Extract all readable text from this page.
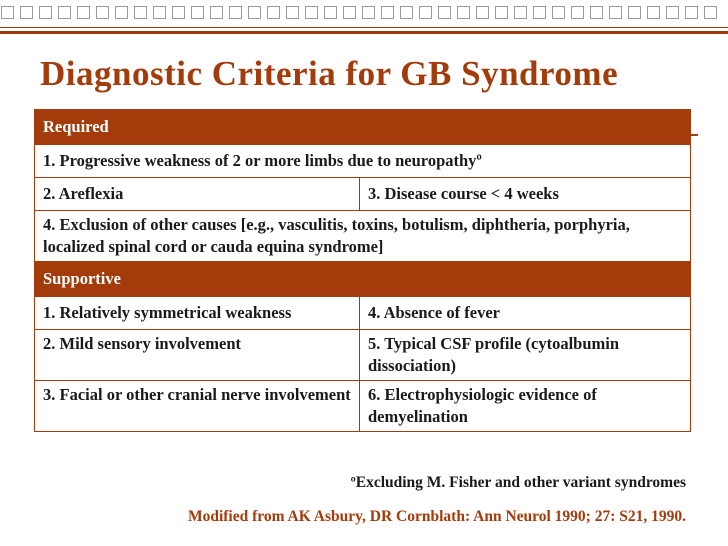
Diagnostic Criteria for GB Syndrome
Required	
1. Progressive weakness of 2 or more limbs due to neuropathyº	
2. Areflexia	3. Disease course < 4 weeks
4. Exclusion of other causes [e.g., vasculitis, toxins, botulism, diphtheria, porphyria, localized spinal cord or cauda equina syndrome]	
Supportive	
1. Relatively symmetrical weakness	4. Absence of fever
2. Mild sensory involvement	5. Typical CSF profile (cytoalbumin dissociation)
3. Facial or other cranial nerve involvement	6. Electrophysiologic evidence of demyelination
ºExcluding M. Fisher and other variant syndromes
Modified from AK Asbury, DR Cornblath: Ann Neurol 1990; 27: S21, 1990.
